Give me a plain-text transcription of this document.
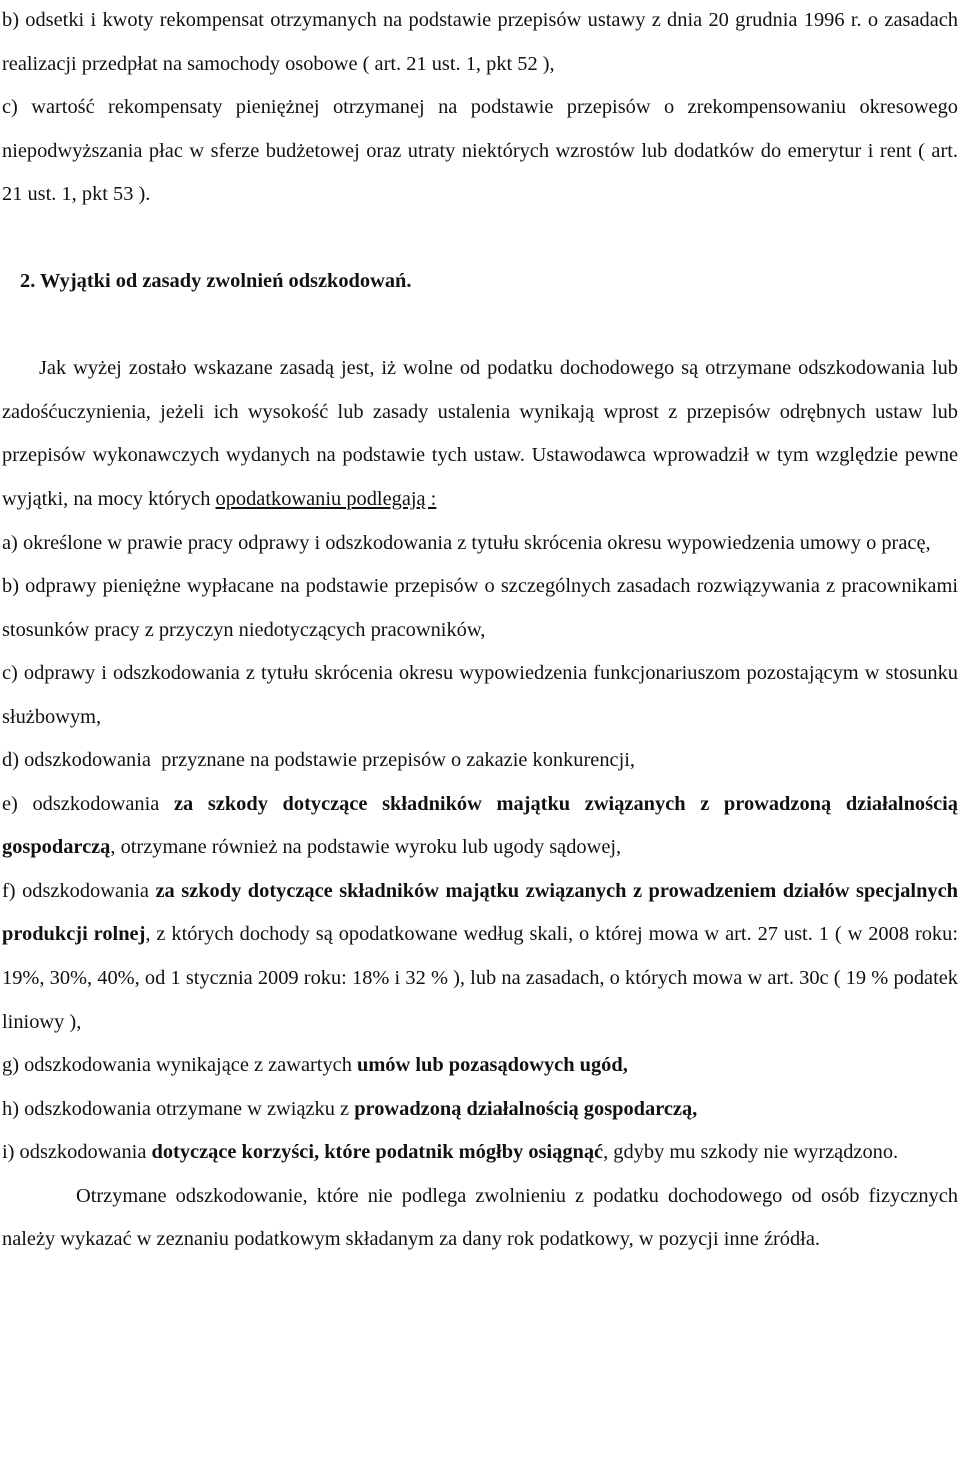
b) odsetki i kwoty rekompensat otrzymanych na podstawie przepisów ustawy z dnia 20 grudnia 1996 r. o zasadach realizacji przedpłat na samochody osobowe ( art. 21 ust. 1, pkt 52 ),

c) wartość rekompensaty pieniężnej otrzymanej na podstawie przepisów o zrekompensowaniu okresowego niepodwyższania płac w sferze budżetowej oraz utraty niektórych wzrostów lub dodatków do emerytur i rent ( art. 21 ust. 1, pkt 53 ).

2. Wyjątki od zasady zwolnień odszkodowań.

Jak wyżej zostało wskazane zasadą jest, iż wolne od podatku dochodowego są otrzymane odszkodowania lub zadośćuczynienia, jeżeli ich wysokość lub zasady ustalenia wynikają wprost z przepisów odrębnych ustaw lub przepisów wykonawczych wydanych na podstawie tych ustaw. Ustawodawca wprowadził w tym względzie pewne wyjątki, na mocy których opodatkowaniu podlegają :

a) określone w prawie pracy odprawy i odszkodowania z tytułu skrócenia okresu wypowiedzenia umowy o pracę,

b) odprawy pieniężne wypłacane na podstawie przepisów o szczególnych zasadach rozwiązywania z pracownikami stosunków pracy z przyczyn niedotyczących pracowników,

c) odprawy i odszkodowania z tytułu skrócenia okresu wypowiedzenia funkcjonariuszom pozostającym w stosunku służbowym,

d) odszkodowania  przyznane na podstawie przepisów o zakazie konkurencji,

e) odszkodowania za szkody dotyczące składników majątku związanych z prowadzoną działalnością gospodarczą, otrzymane również na podstawie wyroku lub ugody sądowej,

f) odszkodowania za szkody dotyczące składników majątku związanych z prowadzeniem działów specjalnych produkcji rolnej, z których dochody są opodatkowane według skali, o której mowa w art. 27 ust. 1 ( w 2008 roku: 19%, 30%, 40%, od 1 stycznia 2009 roku: 18% i 32 % ), lub na zasadach, o których mowa w art. 30c ( 19 % podatek liniowy ),

g) odszkodowania wynikające z zawartych umów lub pozasądowych ugód,

h) odszkodowania otrzymane w związku z prowadzoną działalnością gospodarczą,

i) odszkodowania dotyczące korzyści, które podatnik mógłby osiągnąć, gdyby mu szkody nie wyrządzono.

Otrzymane odszkodowanie, które nie podlega zwolnieniu z podatku dochodowego od osób fizycznych należy wykazać w zeznaniu podatkowym składanym za dany rok podatkowy, w pozycji inne źródła.
